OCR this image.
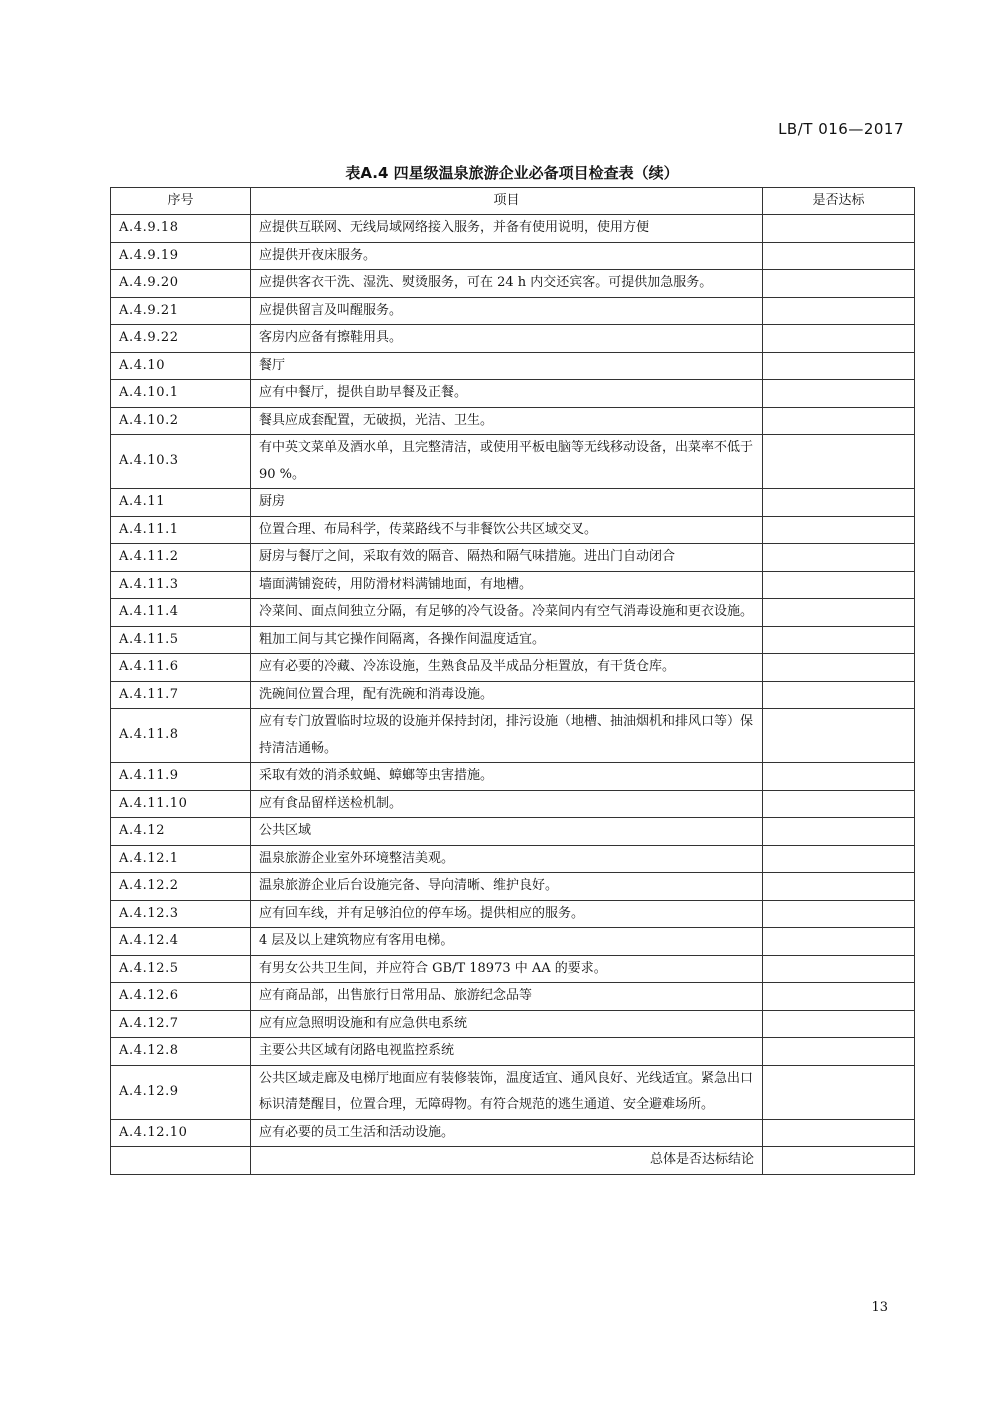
LB/T 016—2017
表A.4 四星级温泉旅游企业必备项目检查表（续）
序号	项目	是否达标
A.4.9.18	应提供互联网、无线局域网络接入服务，并备有使用说明，使用方便	
A.4.9.19	应提供开夜床服务。	
A.4.9.20	应提供客衣干洗、湿洗、熨烫服务，可在 24 h 内交还宾客。可提供加急服务。	
A.4.9.21	应提供留言及叫醒服务。	
A.4.9.22	客房内应备有擦鞋用具。	
A.4.10	餐厅	
A.4.10.1	应有中餐厅，提供自助早餐及正餐。	
A.4.10.2	餐具应成套配置，无破损，光洁、卫生。	
A.4.10.3	有中英文菜单及酒水单，且完整清洁，或使用平板电脑等无线移动设备，出菜率不低于 90 %。	
A.4.11	厨房	
A.4.11.1	位置合理、布局科学，传菜路线不与非餐饮公共区域交叉。	
A.4.11.2	厨房与餐厅之间，采取有效的隔音、隔热和隔气味措施。进出门自动闭合	
A.4.11.3	墙面满铺瓷砖，用防滑材料满铺地面，有地槽。	
A.4.11.4	冷菜间、面点间独立分隔，有足够的冷气设备。冷菜间内有空气消毒设施和更衣设施。	
A.4.11.5	粗加工间与其它操作间隔离，各操作间温度适宜。	
A.4.11.6	应有必要的冷藏、冷冻设施，生熟食品及半成品分柜置放，有干货仓库。	
A.4.11.7	洗碗间位置合理，配有洗碗和消毒设施。	
A.4.11.8	应有专门放置临时垃圾的设施并保持封闭，排污设施（地槽、抽油烟机和排风口等）保持清洁通畅。	
A.4.11.9	采取有效的消杀蚊蝇、蟑螂等虫害措施。	
A.4.11.10	应有食品留样送检机制。	
A.4.12	公共区域	
A.4.12.1	温泉旅游企业室外环境整洁美观。	
A.4.12.2	温泉旅游企业后台设施完备、导向清晰、维护良好。	
A.4.12.3	应有回车线，并有足够泊位的停车场。提供相应的服务。	
A.4.12.4	4 层及以上建筑物应有客用电梯。	
A.4.12.5	有男女公共卫生间，并应符合 GB/T 18973 中 AA 的要求。	
A.4.12.6	应有商品部，出售旅行日常用品、旅游纪念品等	
A.4.12.7	应有应急照明设施和有应急供电系统	
A.4.12.8	主要公共区域有闭路电视监控系统	
A.4.12.9	公共区域走廊及电梯厅地面应有装修装饰，温度适宜、通风良好、光线适宜。紧急出口标识清楚醒目，位置合理，无障碍物。有符合规范的逃生通道、安全避难场所。	
A.4.12.10	应有必要的员工生活和活动设施。	
	总体是否达标结论	
13
